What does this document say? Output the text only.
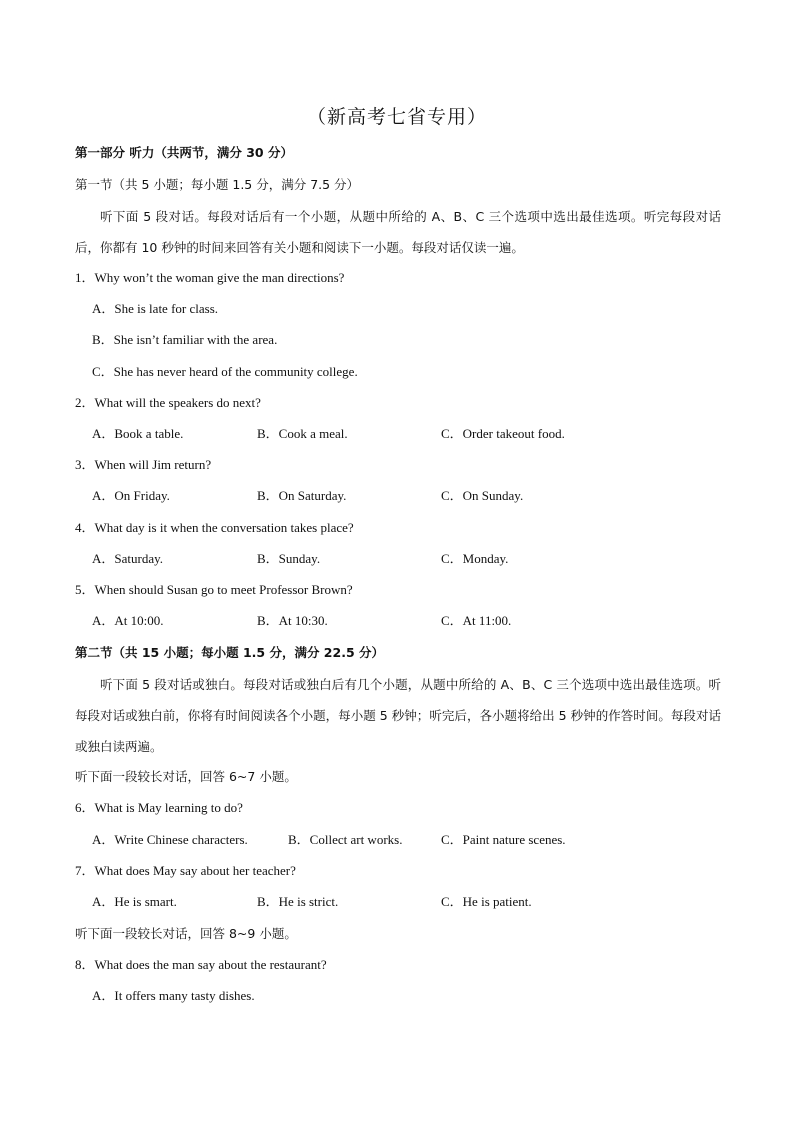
（新高考七省专用）
第一部分 听力（共两节，满分 30 分）
第一节（共 5 小题；每小题 1.5 分，满分 7.5 分）
听下面 5 段对话。每段对话后有一个小题，从题中所给的 A、B、C 三个选项中选出最佳选项。听完每段对话后，你都有 10 秒钟的时间来回答有关小题和阅读下一小题。每段对话仅读一遍。
1．Why won’t the woman give the man directions?
A．She is late for class.
B．She isn’t familiar with the area.
C．She has never heard of the community college.
2．What will the speakers do next?
A．Book a table.	B．Cook a meal.	C．Order takeout food.
3．When will Jim return?
A．On Friday.	B．On Saturday.	C．On Sunday.
4．What day is it when the conversation takes place?
A．Saturday.	B．Sunday.	C．Monday.
5．When should Susan go to meet Professor Brown?
A．At 10:00.	B．At 10:30.	C．At 11:00.
第二节（共 15 小题；每小题 1.5 分，满分 22.5 分）
听下面 5 段对话或独白。每段对话或独白后有几个小题，从题中所给的 A、B、C 三个选项中选出最佳选项。听每段对话或独白前，你将有时间阅读各个小题，每小题 5 秒钟；听完后，各小题将给出 5 秒钟的作答时间。每段对话或独白读两遍。
听下面一段较长对话，回答 6~7 小题。
6．What is May learning to do?
A．Write Chinese characters.	B．Collect art works.	C．Paint nature scenes.
7．What does May say about her teacher?
A．He is smart.	B．He is strict.	C．He is patient.
听下面一段较长对话，回答 8~9 小题。
8．What does the man say about the restaurant?
A．It offers many tasty dishes.
